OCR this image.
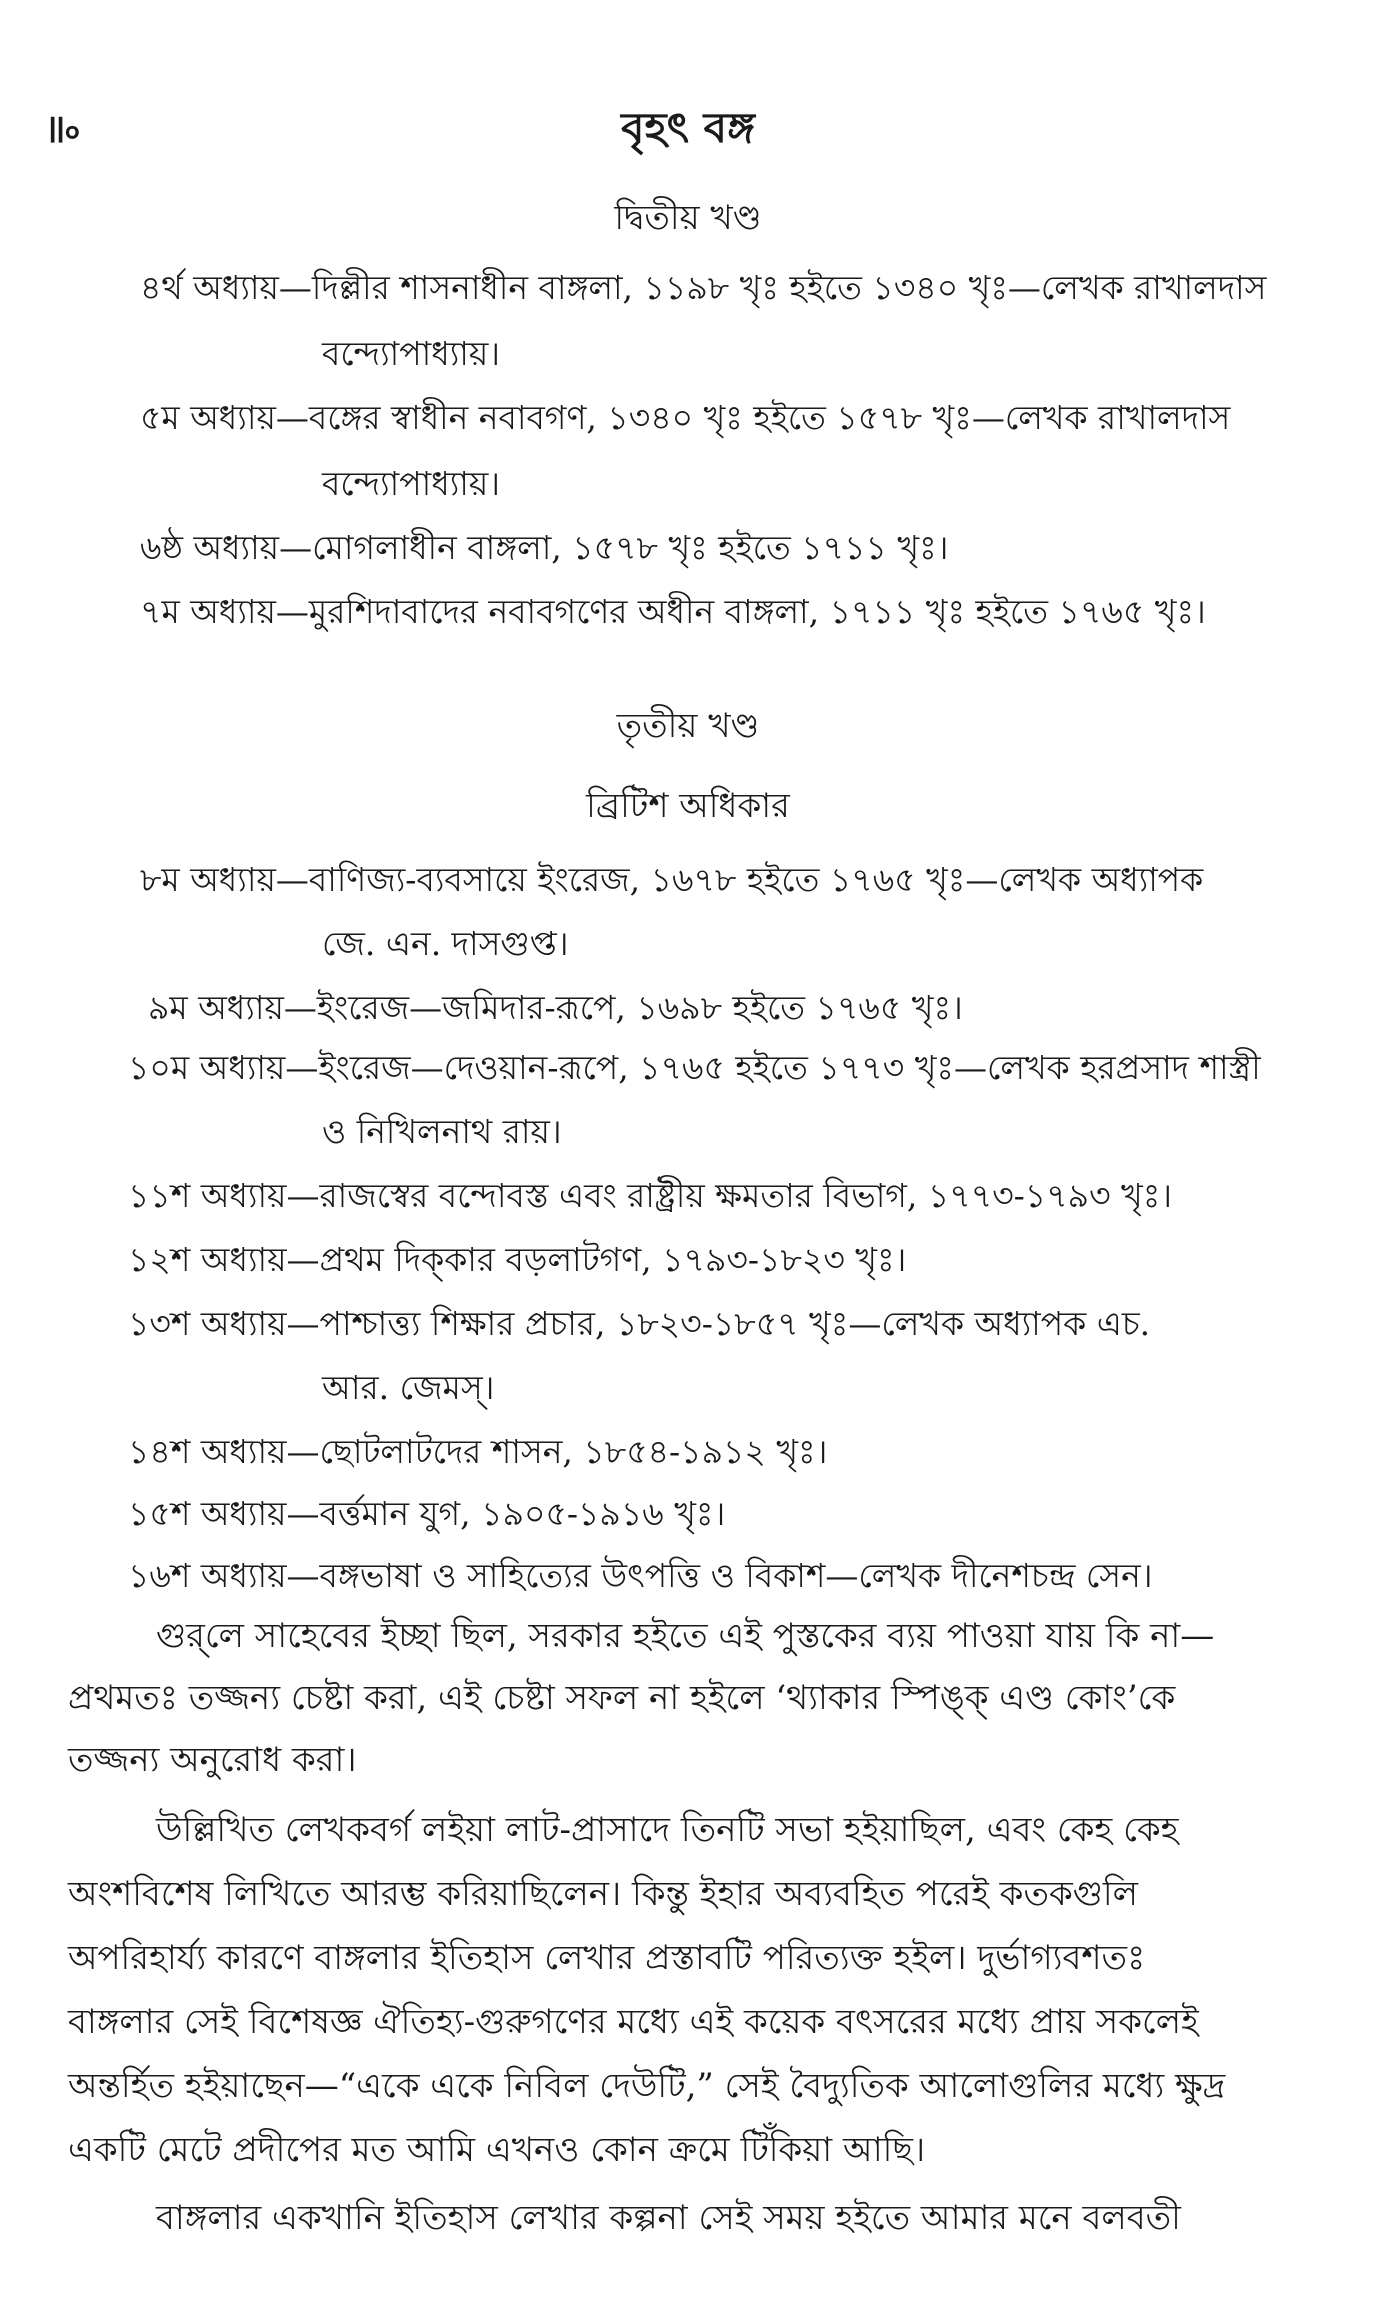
॥৹	বৃহৎ বঙ্গ
দ্বিতীয় খণ্ড
৪র্থ অধ্যায়—দিল্লীর শাসনাধীন বাঙ্গলা, ১১৯৮ খৃঃ হইতে ১৩৪০ খৃঃ—লেখক রাখালদাস
বন্দ্যোপাধ্যায়।
৫ম অধ্যায়—বঙ্গের স্বাধীন নবাবগণ, ১৩৪০ খৃঃ হইতে ১৫৭৮ খৃঃ—লেখক রাখালদাস
বন্দ্যোপাধ্যায়।
৬ষ্ঠ অধ্যায়—মোগলাধীন বাঙ্গলা, ১৫৭৮ খৃঃ হইতে ১৭১১ খৃঃ।
৭ম অধ্যায়—মুরশিদাবাদের নবাবগণের অধীন বাঙ্গলা, ১৭১১ খৃঃ হইতে ১৭৬৫ খৃঃ।
তৃতীয় খণ্ড
ব্রিটিশ অধিকার
৮ম অধ্যায়—বাণিজ্য-ব্যবসায়ে ইংরেজ, ১৬৭৮ হইতে ১৭৬৫ খৃঃ—লেখক অধ্যাপক
জে. এন. দাসগুপ্ত।
৯ম অধ্যায়—ইংরেজ—জমিদার-রূপে, ১৬৯৮ হইতে ১৭৬৫ খৃঃ।
১০ম অধ্যায়—ইংরেজ—দেওয়ান-রূপে, ১৭৬৫ হইতে ১৭৭৩ খৃঃ—লেখক হরপ্রসাদ শাস্ত্রী
ও নিখিলনাথ রায়।
১১শ অধ্যায়—রাজস্বের বন্দোবস্ত এবং রাষ্ট্রীয় ক্ষমতার বিভাগ, ১৭৭৩-১৭৯৩ খৃঃ।
১২শ অধ্যায়—প্রথম দিক্‌কার বড়লাটগণ, ১৭৯৩-১৮২৩ খৃঃ।
১৩শ অধ্যায়—পাশ্চাত্ত্য শিক্ষার প্রচার, ১৮২৩-১৮৫৭ খৃঃ—লেখক অধ্যাপক এচ.
আর. জেমস্‌।
১৪শ অধ্যায়—ছোটলাটদের শাসন, ১৮৫৪-১৯১২ খৃঃ।
১৫শ অধ্যায়—বর্ত্তমান যুগ, ১৯০৫-১৯১৬ খৃঃ।
১৬শ অধ্যায়—বঙ্গভাষা ও সাহিত্যের উৎপত্তি ও বিকাশ—লেখক দীনেশচন্দ্র সেন।
গুর্‌লে সাহেবের ইচ্ছা ছিল, সরকার হইতে এই পুস্তকের ব্যয় পাওয়া যায় কি না—
প্রথমতঃ তজ্জন্য চেষ্টা করা, এই চেষ্টা সফল না হইলে ‘থ্যাকার স্পিঙ্ক্‌ এণ্ড কোং’কে
তজ্জন্য অনুরোধ করা।
উল্লিখিত লেখকবর্গ লইয়া লাট-প্রাসাদে তিনটি সভা হইয়াছিল, এবং কেহ কেহ
অংশবিশেষ লিখিতে আরম্ভ করিয়াছিলেন। কিন্তু ইহার অব্যবহিত পরেই কতকগুলি
অপরিহার্য্য কারণে বাঙ্গলার ইতিহাস লেখার প্রস্তাবটি পরিত্যক্ত হইল। দুর্ভাগ্যবশতঃ
বাঙ্গলার সেই বিশেষজ্ঞ ঐতিহ্য-গুরুগণের মধ্যে এই কয়েক বৎসরের মধ্যে প্রায় সকলেই
অন্তর্হিত হইয়াছেন—“একে একে নিবিল দেউটি,” সেই বৈদ্যুতিক আলোগুলির মধ্যে ক্ষুদ্র
একটি মেটে প্রদীপের মত আমি এখনও কোন ক্রমে টিঁকিয়া আছি।
বাঙ্গলার একখানি ইতিহাস লেখার কল্পনা সেই সময় হইতে আমার মনে বলবতী
